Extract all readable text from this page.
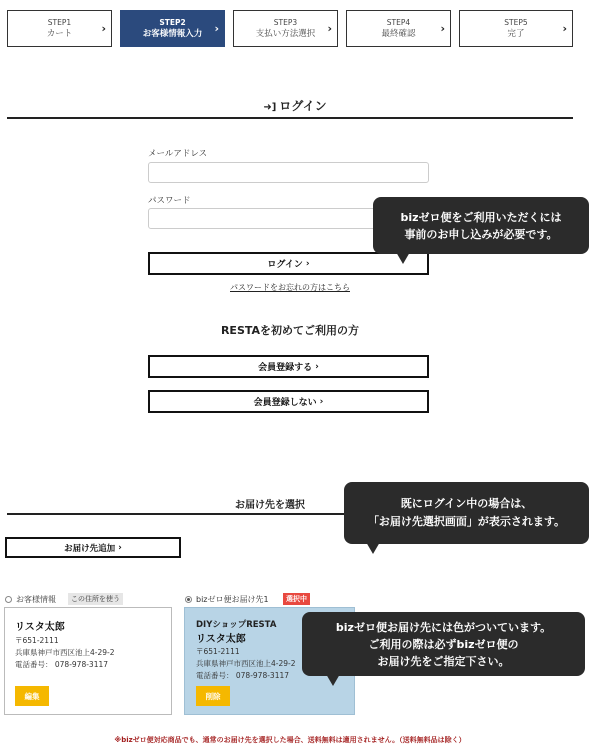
STEP1
カート	›	STEP2
お客様情報入力 ›	STEP3
支払い方法選択 ›	STEP4
最終確認 ›	STEP5
完了	›
➜] ログイン
メールアドレス
パスワード
ログイン ›
パスワードをお忘れの方はこちら
RESTAを初めてご利用の方
会員登録する ›
会員登録しない ›
bizゼロ便をご利用いただくには
事前のお申し込みが必要です。
お届け先を選択
お届け先追加 ›
既にログイン中の場合は、
「お届け先選択画面」が表示されます。
お客様情報	この住所を使う
リスタ太郎
〒651-2111
兵庫県神戸市西区池上4-29-2
電話番号： 078-978-3117
編集
bizゼロ便お届け先1	選択中
DIYショップRESTA
リスタ太郎
〒651-2111
兵庫県神戸市西区池上4-29-2
電話番号： 078-978-3117
削除
bizゼロ便お届け先には色がついています。
ご利用の際は必ずbizゼロ便の
お届け先をご指定下さい。
※bizゼロ便対応商品でも、通常のお届け先を選択した場合、送料無料は適用されません。（送料無料品は除く）
